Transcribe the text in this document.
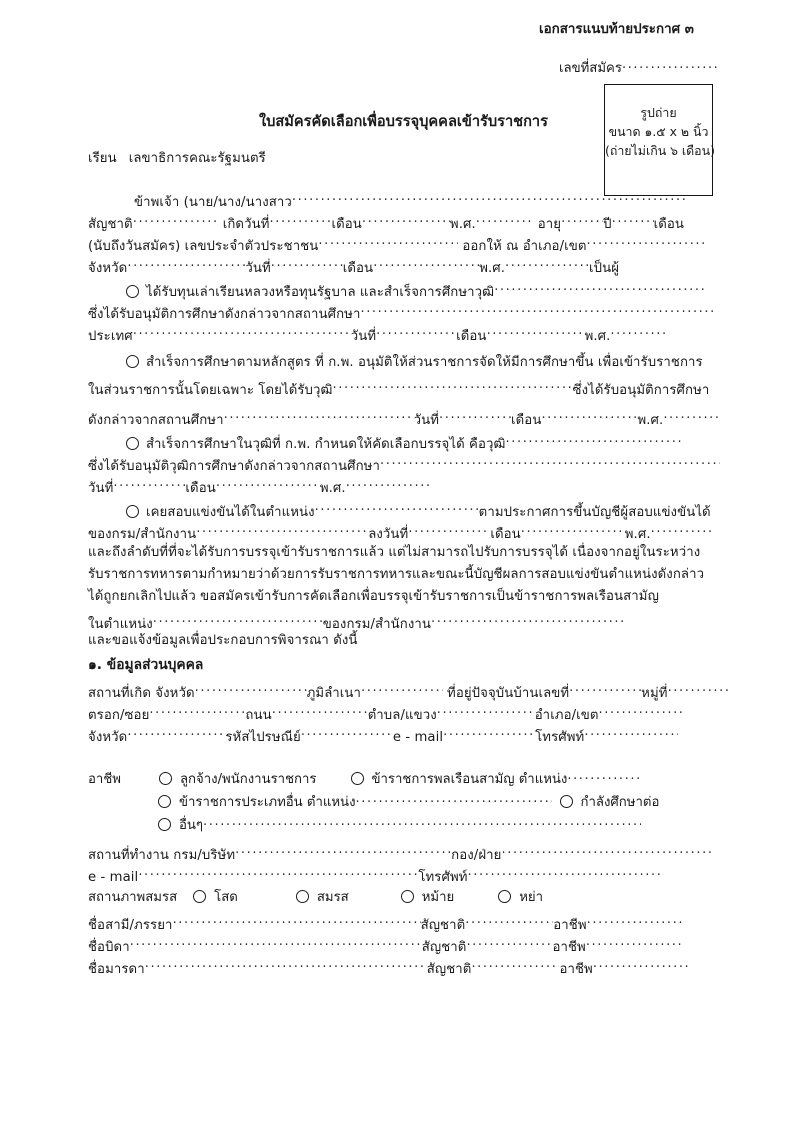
เอกสารแนบท้ายประกาศ ๓
เลขที่สมัคร.....
ใบสมัครคัดเลือกเพื่อบรรจุบุคคลเข้ารับราชการ
รูปถ่าย
ขนาด ๑.๕ x ๒ นิ้ว
(ถ่ายไม่เกิน ๖ เดือน)
เรียน เลขาธิการคณะรัฐมนตรี
ข้าพเจ้า (นาย/นาง/นางสาว.....
สัญชาติ .....	เกิดวันที่ .....	เดือน .....	พ.ศ. .....	อายุ .....	ปี .....	เดือน
(นับถึงวันสมัคร) เลขประจำตัวประชาชน .....	ออกให้ ณ อำเภอ/เขต.....
จังหวัด .....	วันที่ .....	เดือน .....	พ.ศ. .....	เป็นผู้
ได้รับทุนเล่าเรียนหลวงหรือทุนรัฐบาล และสำเร็จการศึกษาวุฒิ.....
ซึ่งได้รับอนุมัติการศึกษาดังกล่าวจากสถานศึกษา.....
ประเทศ .....	วันที่ .....	เดือน .....	พ.ศ......
สำเร็จการศึกษาตามหลักสูตร ที่ ก.พ. อนุมัติให้ส่วนราชการจัดให้มีการศึกษาขึ้น เพื่อเข้ารับราชการ
ในส่วนราชการนั้นโดยเฉพาะ โดยได้รับวุฒิ .....	ซึ่งได้รับอนุมัติการศึกษา
ดังกล่าวจากสถานศึกษา .....	วันที่ .....	เดือน .....	พ.ศ......
สำเร็จการศึกษาในวุฒิที่ ก.พ. กำหนดให้คัดเลือกบรรจุได้ คือวุฒิ.....
ซึ่งได้รับอนุมัติวุฒิการศึกษาดังกล่าวจากสถานศึกษา.....
วันที่ .....	เดือน .....	พ.ศ......
เคยสอบแข่งขันได้ในตำแหน่ง .....	ตามประกาศการขึ้นบัญชีผู้สอบแข่งขันได้
ของกรม/สำนักงาน .....	ลงวันที่ .....	เดือน .....	พ.ศ......
และถึงลำดับที่ที่จะได้รับการบรรจุเข้ารับราชการแล้ว แต่ไม่สามารถไปรับการบรรจุได้ เนื่องจากอยู่ในระหว่าง
รับราชการทหารตามกำหมายว่าด้วยการรับราชการทหารและขณะนี้บัญชีผลการสอบแข่งขันตำแหน่งดังกล่าว
ได้ถูกยกเลิกไปแล้ว ขอสมัครเข้ารับการคัดเลือกเพื่อบรรจุเข้ารับราชการเป็นข้าราชการพลเรือนสามัญ
ในตำแหน่ง .....	ของกรม/สำนักงาน.....
และขอแจ้งข้อมูลเพื่อประกอบการพิจารณา ดังนี้
๑. ข้อมูลส่วนบุคคล
สถานที่เกิด จังหวัด .....	ภูมิลำเนา .....	ที่อยู่ปัจจุบันบ้านเลขที่ .....	หมู่ที่.....
ตรอก/ซอย .....	ถนน .....	ตำบล/แขวง .....	อำเภอ/เขต.....
จังหวัด .....	รหัสไปรษณีย์ .....	e - mail .....	โทรศัพท์.....
อาชีพ	ลูกจ้าง/พนักงานราชการ	ข้าราชการพลเรือนสามัญ ตำแหน่ง.....
ข้าราชการประเภทอื่น ตำแหน่ง .....	กำลังศึกษาต่อ
อื่นๆ.....
สถานที่ทำงาน กรม/บริษัท .....	กอง/ฝ่าย.....
e - mail .....	โทรศัพท์.....
สถานภาพสมรส	โสด	สมรส	หม้าย	หย่า
ชื่อสามี/ภรรยา .....	สัญชาติ .....	อาชีพ.....
ชื่อบิดา .....	สัญชาติ .....	อาชีพ.....
ชื่อมารดา .....	สัญชาติ .....	อาชีพ.....
